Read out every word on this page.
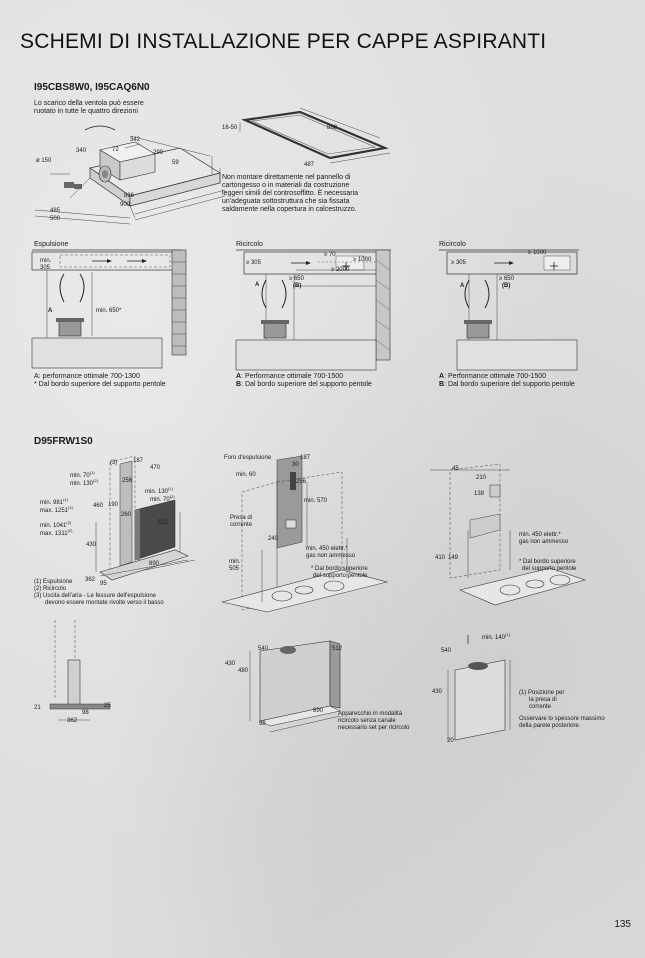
SCHEMI DI INSTALLAZIONE PER CAPPE ASPIRANTI
I95CBS8W0, I95CAQ6N0
Lo scarico della ventola può essere
ruotato in tutte le quattro direzioni
342
72
340	299
59
ø 150
886
900
485
500
16-50	888
487
Non montare direttamente nel pannello di
cartongesso o in materiali da costruzione
leggeri simili del controsoffitto. È necessaria
un'adeguata sottostruttura che sia fissata
saldamente nella copertura in calcestruzzo.
Espulsione
min.
305
min. 650*
A
A: performance ottimale 700-1300
* Dal bordo superiore del supporto pentole
Ricircolo
≥ 305
≥ 70
≥ 1000
≥ 2000
≥ 650
(B)
A
A: Performance ottimale 700-1500
B: Dal bordo superiore del supporto pentole
Ricircolo
≥ 305
≥ 1000
≥ 650
(B)
A
A: Performance ottimale 700-1500
B: Dal bordo superiore del supporto pentole
D95FRW1S0
(3)	187
470
min. 70$^{(1)}$
min. 130$^{(2)}$	256
min. 981$^{(1)}$
max. 1251$^{(1)}$	460 190
min. 130$^{(1)}$
min. 70$^{(2)}$
260
min. 1041$^{(2)}$
max. 1311$^{(2)}$
512
430
890
362
95
(1) Espulsione
(2) Ricircolo
(3) Uscita dell'aria - Le fessure dell'espulsione
devono essere montate rivolte verso il basso
Foro d'espulsione	187
30
min. 60
256
min. 570
Presa di
corrente
240
min. 450 elettr.*
gas non ammesso
min.
505	* Dal bordo superiore
del supporto pentole
45
210
138
min. 450 elettr.*
gas non ammesso
410 149
* Dal bordo superiore
del supporto pentole
21
98
25
362
540	512
430
480
890
98
Apparecchio in modalità
ricircolo senza canale
necessario set per ricircolo
min. 140$^{(1)}$
540
430
20
(1) Posizione per
la presa di
corrente
Osservare lo spessore massimo
della parete posteriore.
135
